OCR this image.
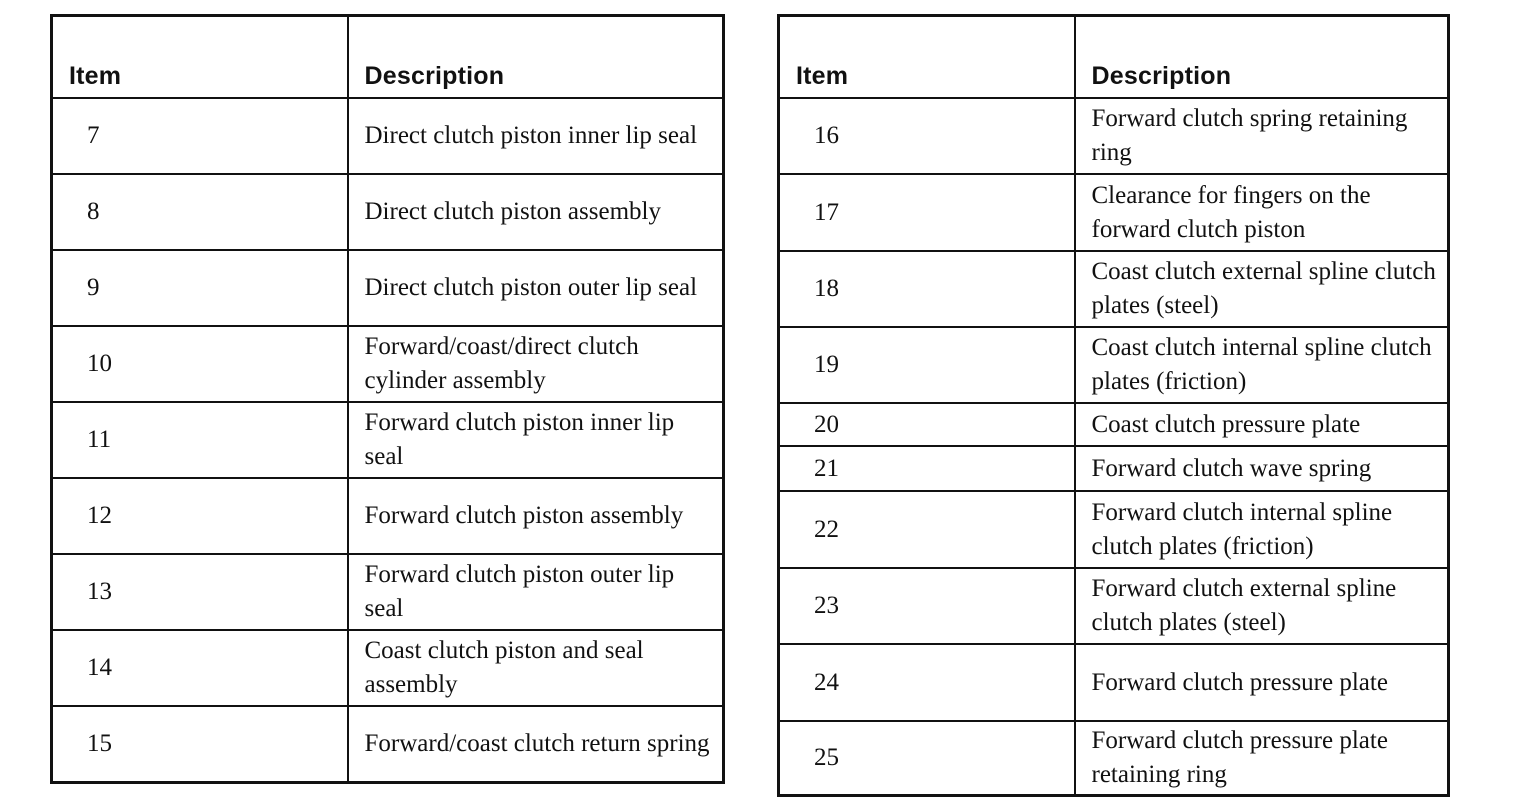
Item	Description
7	Direct clutch piston inner lip seal
8	Direct clutch piston assembly
9	Direct clutch piston outer lip seal
10	Forward/coast/direct clutch cylinder assembly
11	Forward clutch piston inner lip seal
12	Forward clutch piston assembly
13	Forward clutch piston outer lip seal
14	Coast clutch piston and seal assembly
15	Forward/coast clutch return spring
Item	Description
16	Forward clutch spring retaining ring
17	Clearance for fingers on the forward clutch piston
18	Coast clutch external spline clutch plates (steel)
19	Coast clutch internal spline clutch plates (friction)
20	Coast clutch pressure plate
21	Forward clutch wave spring
22	Forward clutch internal spline clutch plates (friction)
23	Forward clutch external spline clutch plates (steel)
24	Forward clutch pressure plate
25	Forward clutch pressure plate retaining ring
